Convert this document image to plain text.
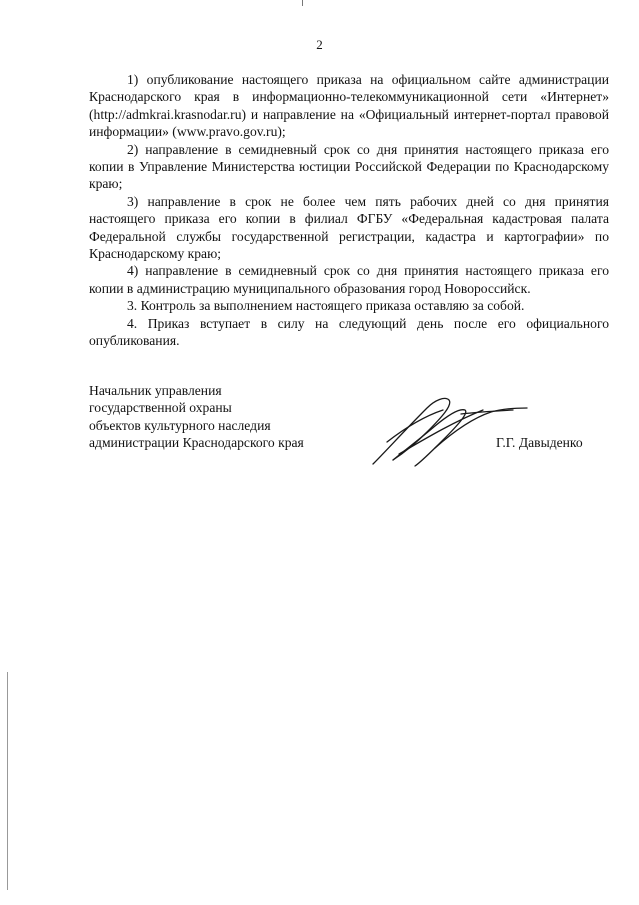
2

1) опубликование настоящего приказа на официальном сайте администрации Краснодарского края в информационно-телекоммуникационной сети «Интернет» (http://admkrai.krasnodar.ru) и направление на «Официальный интернет-портал правовой информации» (www.pravo.gov.ru);

2) направление в семидневный срок со дня принятия настоящего приказа его копии в Управление Министерства юстиции Российской Федерации по Краснодарскому краю;

3) направление в срок не более чем пять рабочих дней со дня принятия настоящего приказа его копии в филиал ФГБУ «Федеральная кадастровая палата Федеральной службы государственной регистрации, кадастра и картографии» по Краснодарскому краю;

4) направление в семидневный срок со дня принятия настоящего приказа его копии в администрацию муниципального образования город Новороссийск.

3. Контроль за выполнением настоящего приказа оставляю за собой.

4. Приказ вступает в силу на следующий день после его официального опубликования.

Начальник управления
государственной охраны
объектов культурного наследия
администрации Краснодарского края	Г.Г. Давыденко
